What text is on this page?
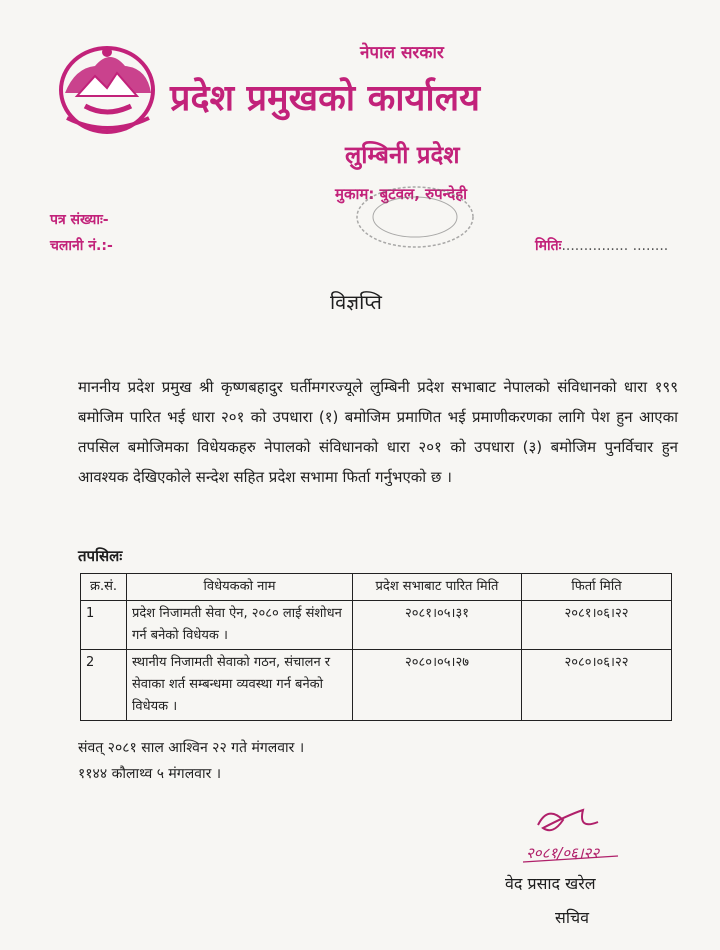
नेपाल सरकार
प्रदेश प्रमुखको कार्यालय
लुम्बिनी प्रदेश
मुकाम: बुटवल, रुपन्देही
पत्र संख्याः-
चलानी नं.:-	मितिः............... ........
विज्ञप्ति
माननीय प्रदेश प्रमुख श्री कृष्णबहादुर घर्तीमगरज्यूले लुम्बिनी प्रदेश सभाबाट नेपालको संविधानको धारा १९९ बमोजिम पारित भई धारा २०१ को उपधारा (१) बमोजिम प्रमाणित भई प्रमाणीकरणका लागि पेश हुन आएका तपसिल बमोजिमका विधेयकहरु नेपालको संविधानको धारा २०१ को उपधारा (३) बमोजिम पुनर्विचार हुन आवश्यक देखिएकोले सन्देश सहित प्रदेश सभामा फिर्ता गर्नुभएको छ ।
तपसिलः
क्र.सं.	विधेयकको नाम	प्रदेश सभाबाट पारित मिति	फिर्ता मिति
1	प्रदेश निजामती सेवा ऐन, २०८० लाई संशोधन गर्न बनेको विधेयक ।	२०८१।०५।३१	२०८१।०६।२२
2	स्थानीय निजामती सेवाको गठन, संचालन र सेवाका शर्त सम्बन्धमा व्यवस्था गर्न बनेको विधेयक ।	२०८०।०५।२७	२०८०।०६।२२
संवत् २०८१ साल आश्विन २२ गते मंगलवार ।
११४४ कौलाथ्व ५ मंगलवार ।
२०८१/०६।२२
वेद प्रसाद खरेल
सचिव
